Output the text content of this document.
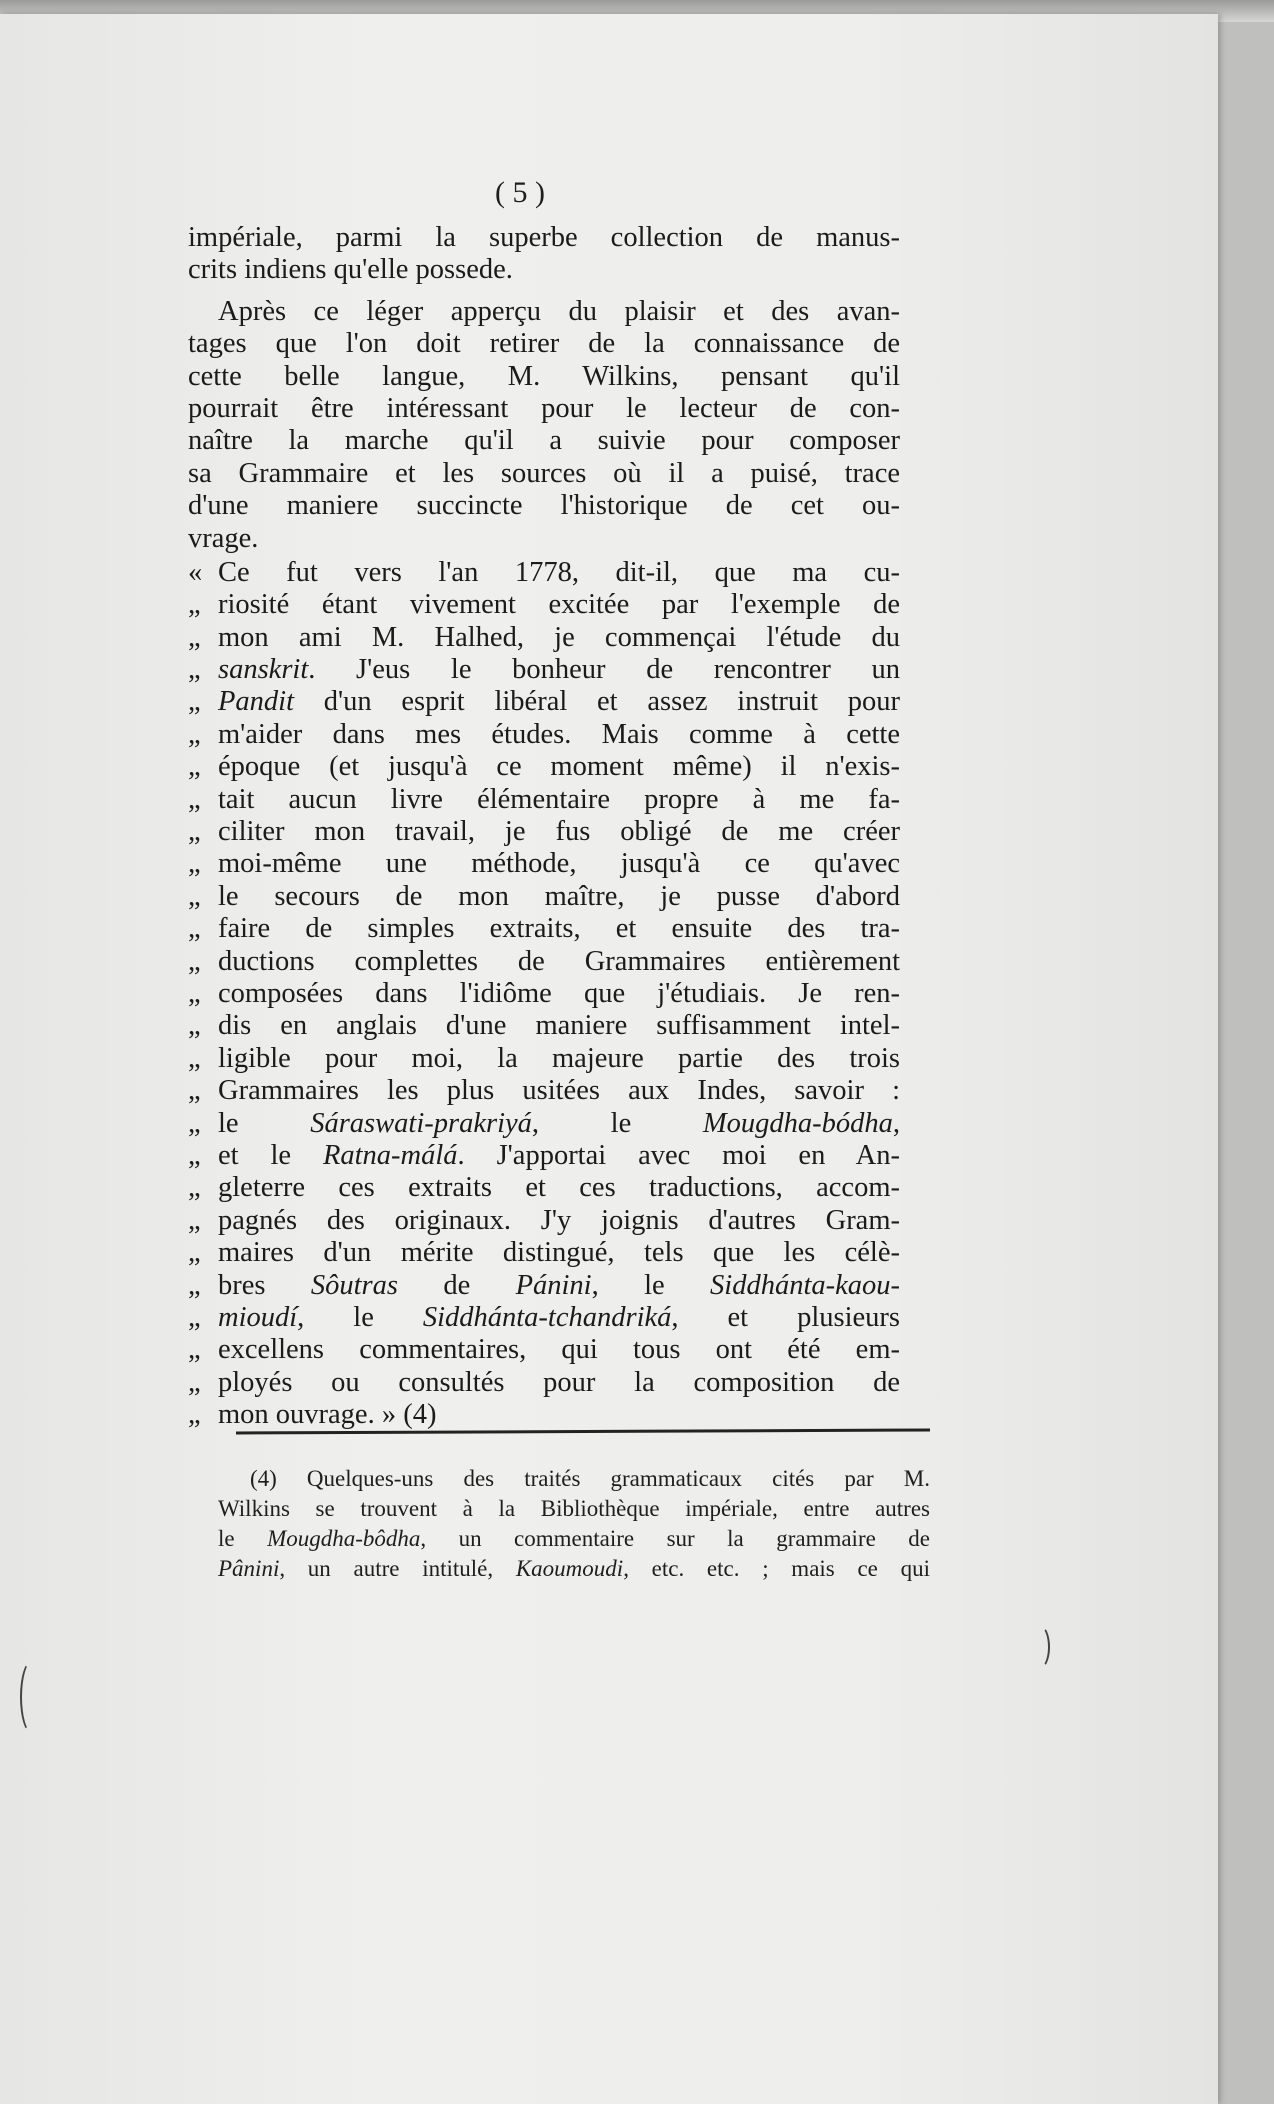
( 5 )
impériale, parmi la superbe collection de manus-
crits indiens qu'elle possede.
Après ce léger apperçu du plaisir et des avan-
tages que l'on doit retirer de la connaissance de
cette belle langue, M. Wilkins, pensant qu'il
pourrait être intéressant pour le lecteur de con-
naître la marche qu'il a suivie pour composer
sa Grammaire et les sources où il a puisé, trace
d'une maniere succincte l'historique de cet ou-
vrage.
« Ce fut vers l'an 1778, dit-il, que ma cu-
„ riosité étant vivement excitée par l'exemple de
„ mon ami M. Halhed, je commençai l'étude du
„ sanskrit. J'eus le bonheur de rencontrer un
„ Pandit d'un esprit libéral et assez instruit pour
„ m'aider dans mes études. Mais comme à cette
„ époque (et jusqu'à ce moment même) il n'exis-
„ tait aucun livre élémentaire propre à me fa-
„ ciliter mon travail, je fus obligé de me créer
„ moi-même une méthode, jusqu'à ce qu'avec
„ le secours de mon maître, je pusse d'abord
„ faire de simples extraits, et ensuite des tra-
„ ductions complettes de Grammaires entièrement
„ composées dans l'idiôme que j'étudiais. Je ren-
„ dis en anglais d'une maniere suffisamment intel-
„ ligible pour moi, la majeure partie des trois
„ Grammaires les plus usitées aux Indes, savoir :
„ le Sáraswati-prakriyá, le Mougdha-bódha,
„ et le Ratna-málá. J'apportai avec moi en An-
„ gleterre ces extraits et ces traductions, accom-
„ pagnés des originaux. J'y joignis d'autres Gram-
„ maires d'un mérite distingué, tels que les célè-
„ bres Sôutras de Pánini, le Siddhánta-kaou-
„ mioudí, le Siddhánta-tchandriká, et plusieurs
„ excellens commentaires, qui tous ont été em-
„ ployés ou consultés pour la composition de
„ mon ouvrage. » (4)
(4) Quelques-uns des traités grammaticaux cités par M.
Wilkins se trouvent à la Bibliothèque impériale, entre autres
le Mougdha-bôdha, un commentaire sur la grammaire de
Pânini, un autre intitulé, Kaoumoudi, etc. etc. ; mais ce qui
